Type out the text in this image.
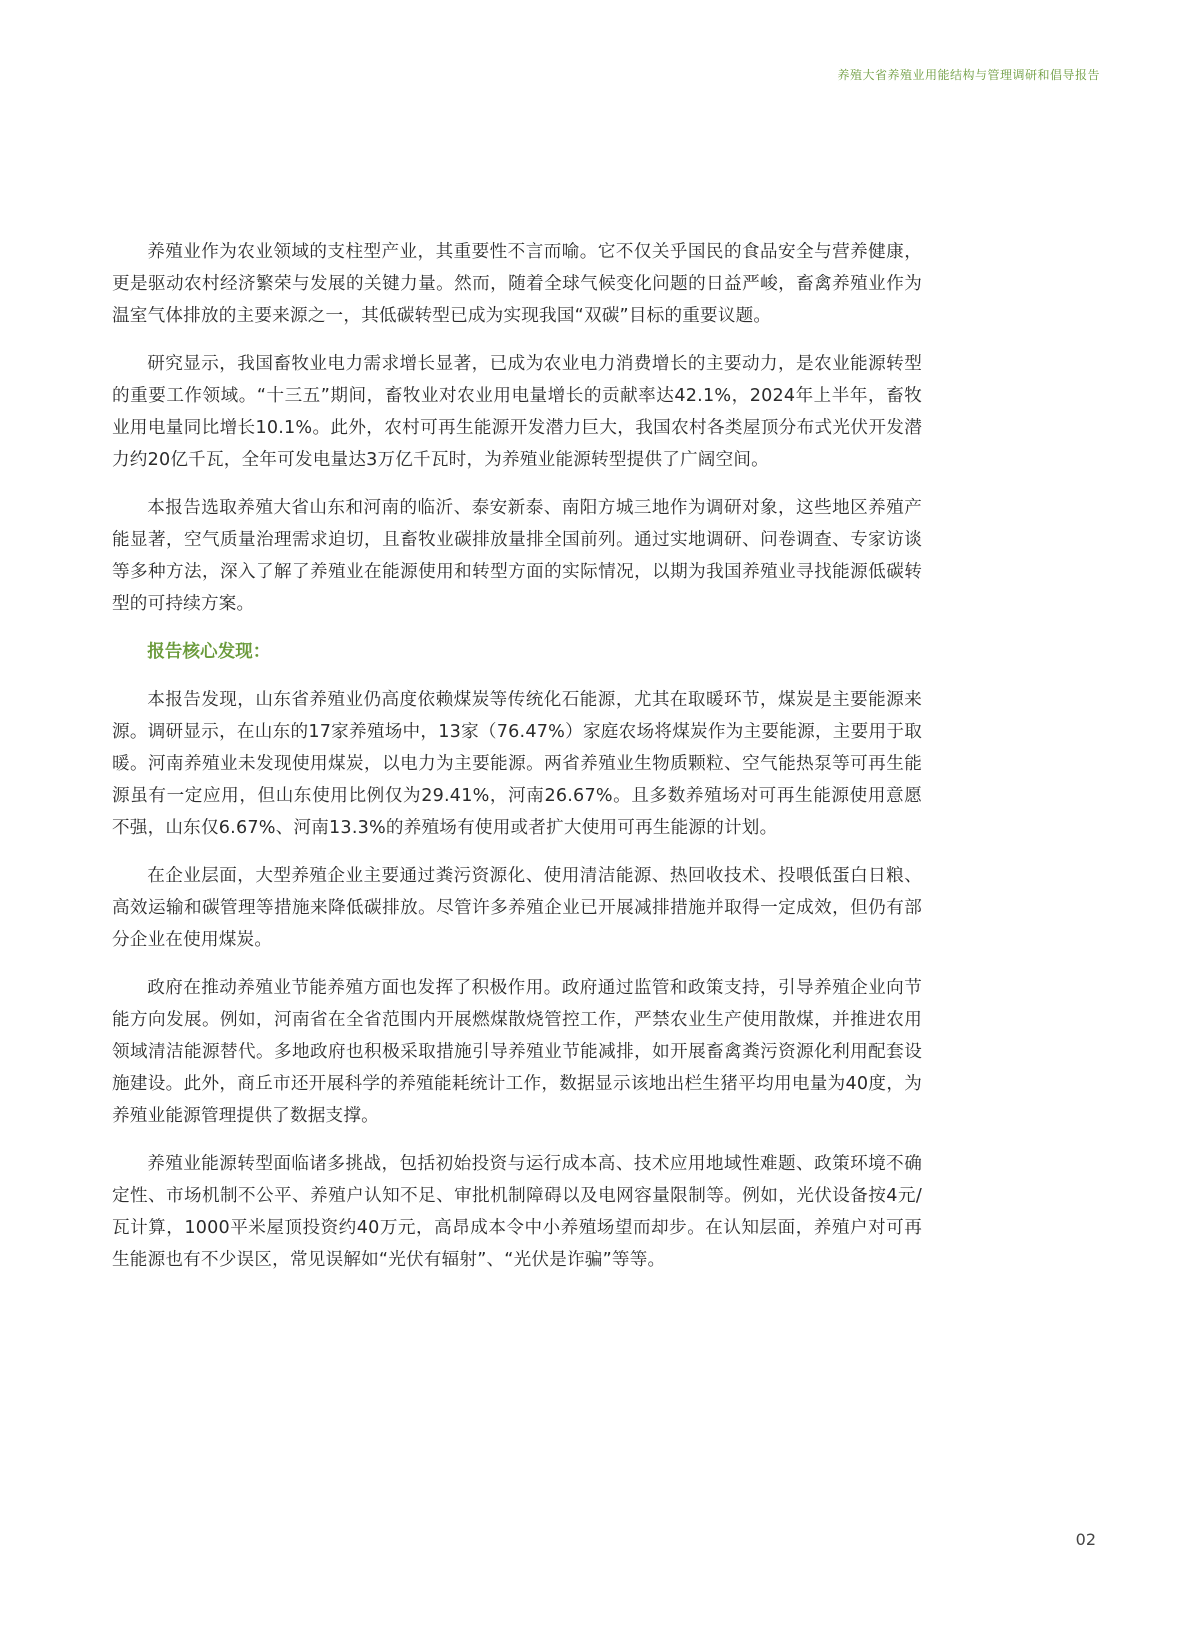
养殖大省养殖业用能结构与管理调研和倡导报告

养殖业作为农业领域的支柱型产业，其重要性不言而喻。它不仅关乎国民的食品安全与营养健康，更是驱动农村经济繁荣与发展的关键力量。然而，随着全球气候变化问题的日益严峻，畜禽养殖业作为温室气体排放的主要来源之一，其低碳转型已成为实现我国“双碳”目标的重要议题。

研究显示，我国畜牧业电力需求增长显著，已成为农业电力消费增长的主要动力，是农业能源转型的重要工作领域。“十三五”期间，畜牧业对农业用电量增长的贡献率达42.1%，2024年上半年，畜牧业用电量同比增长10.1%。此外，农村可再生能源开发潜力巨大，我国农村各类屋顶分布式光伏开发潜力约20亿千瓦，全年可发电量达3万亿千瓦时，为养殖业能源转型提供了广阔空间。

本报告选取养殖大省山东和河南的临沂、泰安新泰、南阳方城三地作为调研对象，这些地区养殖产能显著，空气质量治理需求迫切，且畜牧业碳排放量排全国前列。通过实地调研、问卷调查、专家访谈等多种方法，深入了解了养殖业在能源使用和转型方面的实际情况，以期为我国养殖业寻找能源低碳转型的可持续方案。

报告核心发现：

本报告发现，山东省养殖业仍高度依赖煤炭等传统化石能源，尤其在取暖环节，煤炭是主要能源来源。调研显示，在山东的17家养殖场中，13家（76.47%）家庭农场将煤炭作为主要能源，主要用于取暖。河南养殖业未发现使用煤炭，以电力为主要能源。两省养殖业生物质颗粒、空气能热泵等可再生能源虽有一定应用，但山东使用比例仅为29.41%，河南26.67%。且多数养殖场对可再生能源使用意愿不强，山东仅6.67%、河南13.3%的养殖场有使用或者扩大使用可再生能源的计划。

在企业层面，大型养殖企业主要通过粪污资源化、使用清洁能源、热回收技术、投喂低蛋白日粮、高效运输和碳管理等措施来降低碳排放。尽管许多养殖企业已开展减排措施并取得一定成效，但仍有部分企业在使用煤炭。

政府在推动养殖业节能养殖方面也发挥了积极作用。政府通过监管和政策支持，引导养殖企业向节能方向发展。例如，河南省在全省范围内开展燃煤散烧管控工作，严禁农业生产使用散煤，并推进农用领域清洁能源替代。多地政府也积极采取措施引导养殖业节能减排，如开展畜禽粪污资源化利用配套设施建设。此外，商丘市还开展科学的养殖能耗统计工作，数据显示该地出栏生猪平均用电量为40度，为养殖业能源管理提供了数据支撑。

养殖业能源转型面临诸多挑战，包括初始投资与运行成本高、技术应用地域性难题、政策环境不确定性、市场机制不公平、养殖户认知不足、审批机制障碍以及电网容量限制等。例如，光伏设备按4元/瓦计算，1000平米屋顶投资约40万元，高昂成本令中小养殖场望而却步。在认知层面，养殖户对可再生能源也有不少误区，常见误解如“光伏有辐射”、“光伏是诈骗”等等。

02
